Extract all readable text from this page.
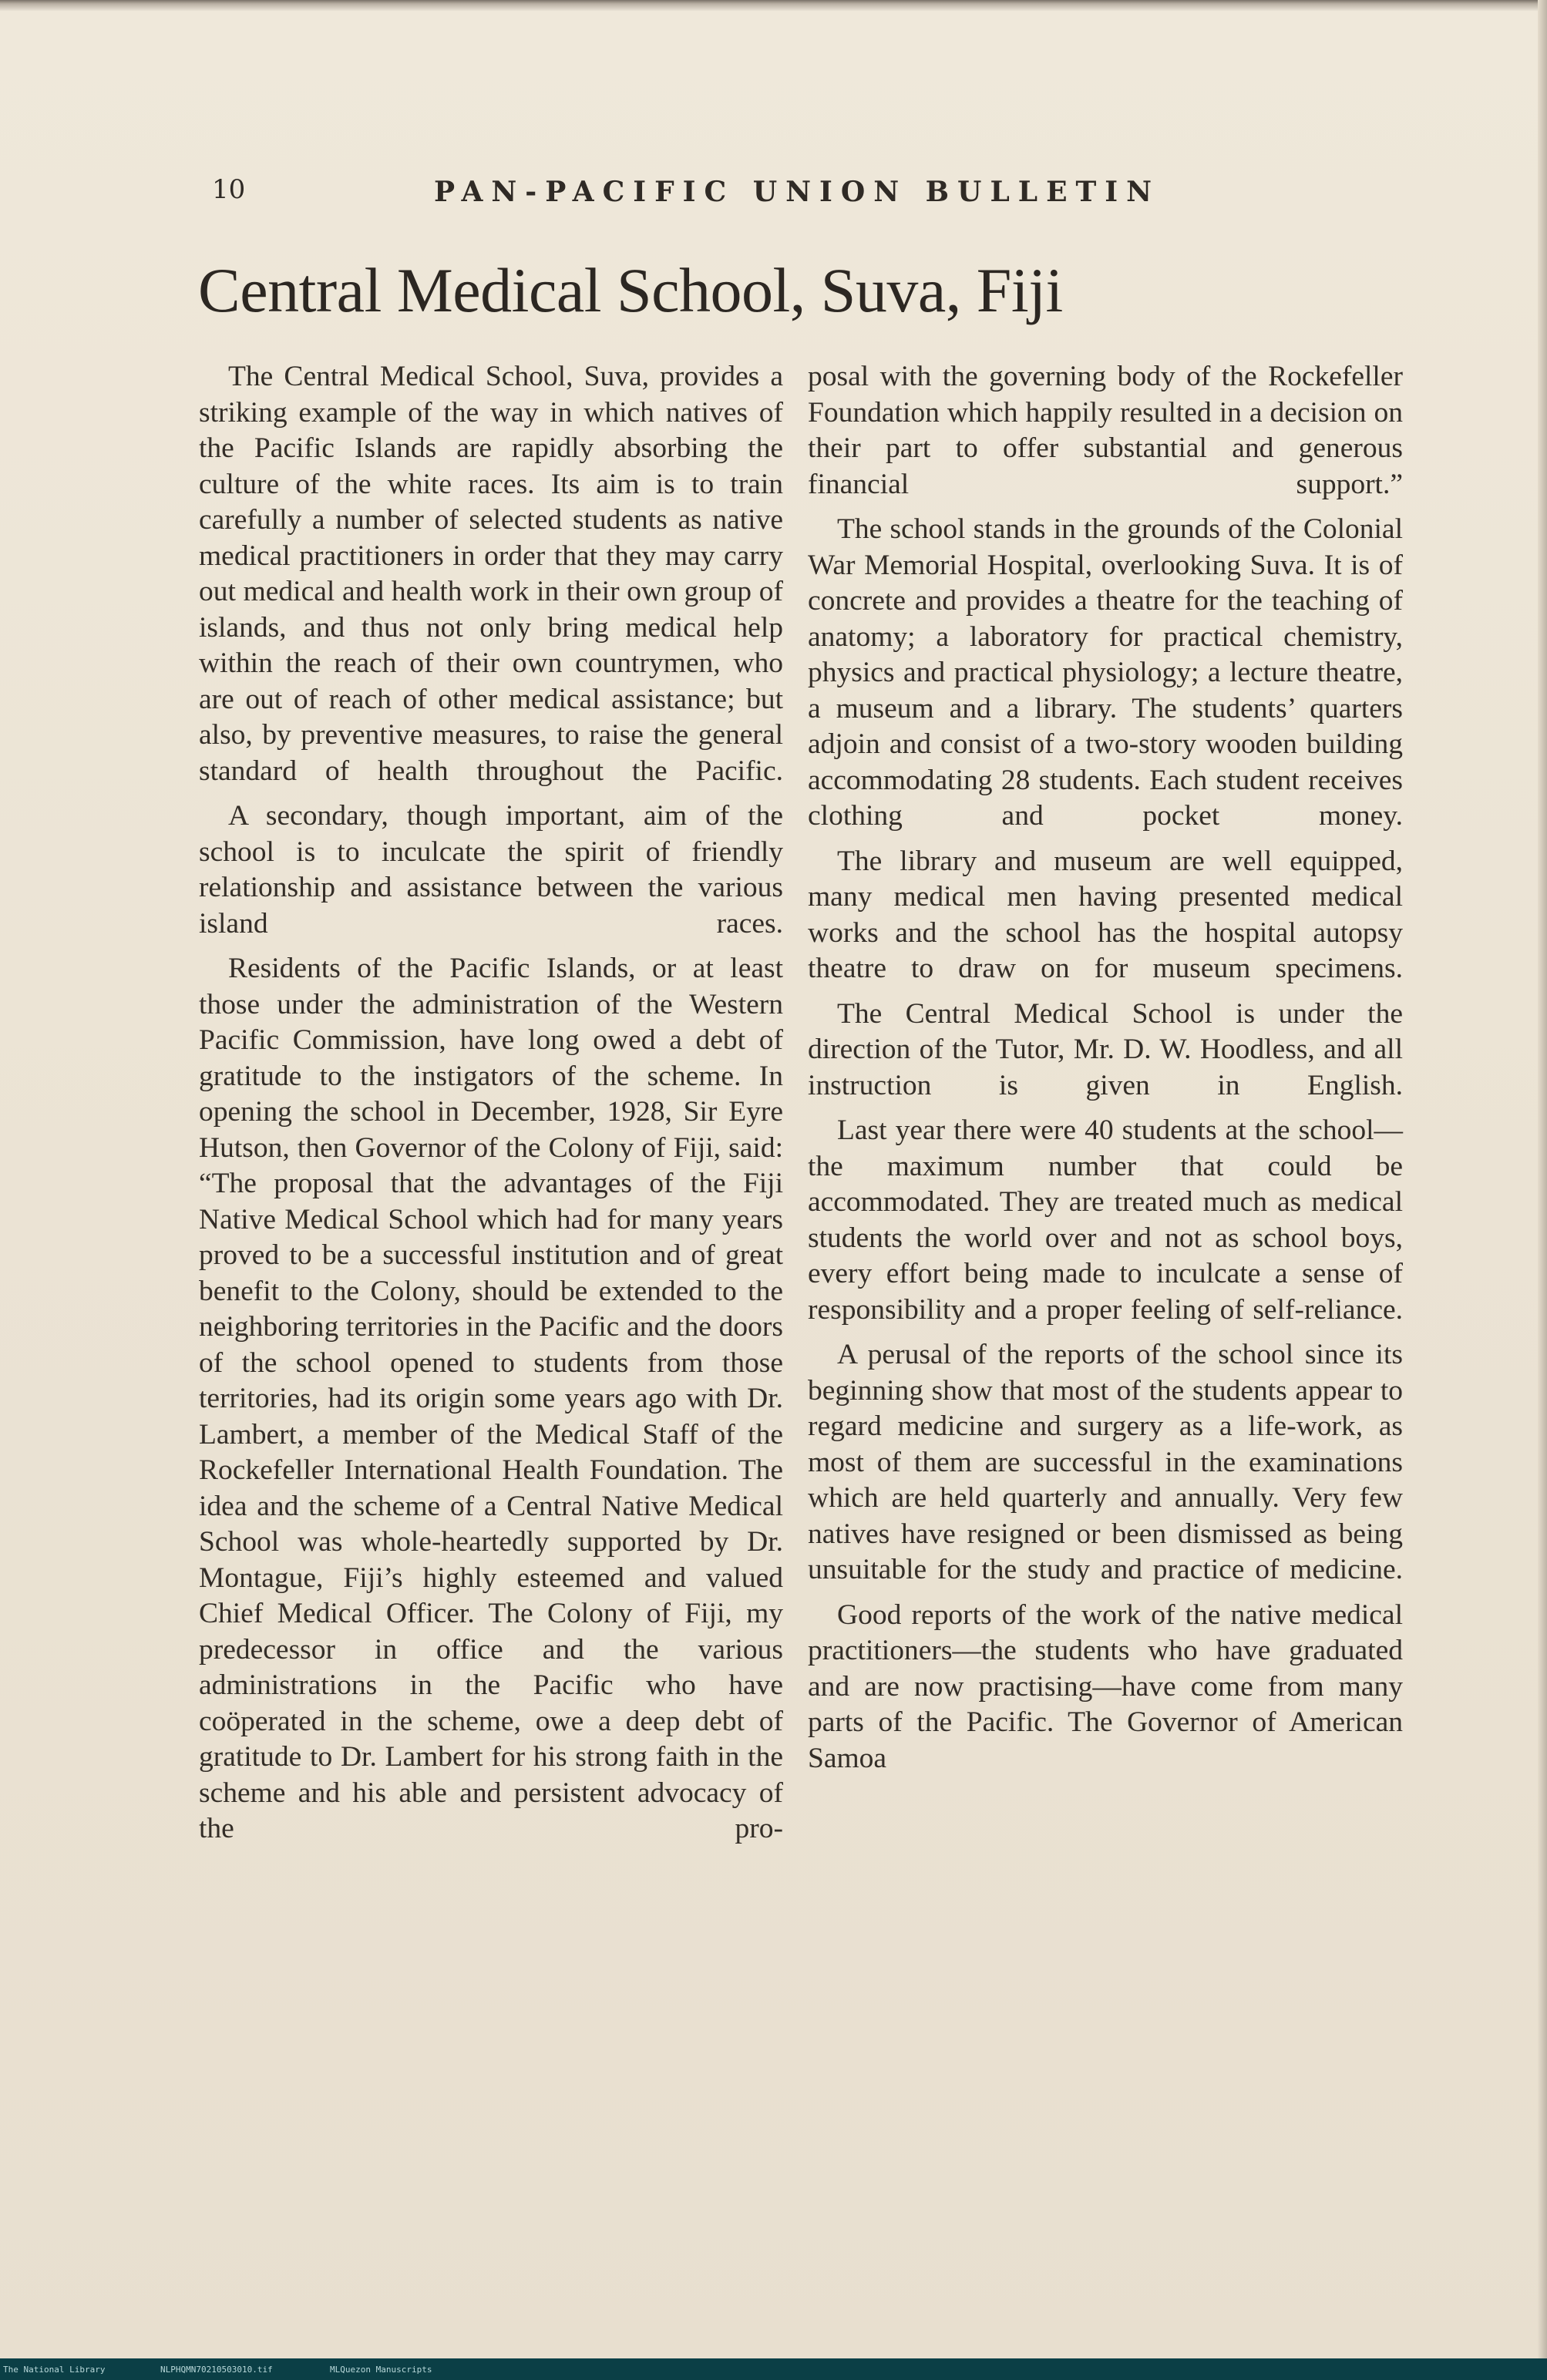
10	PAN-PACIFIC UNION BULLETIN
Central Medical School, Suva, Fiji

The Central Medical School, Suva, provides a striking example of the way in which natives of the Pacific Islands are rapidly absorbing the culture of the white races. Its aim is to train carefully a number of selected students as native medical practitioners in order that they may carry out medical and health work in their own group of islands, and thus not only bring medical help within the reach of their own countrymen, who are out of reach of other medical assistance; but also, by preventive measures, to raise the general standard of health throughout the Pacific.

A secondary, though important, aim of the school is to inculcate the spirit of friendly relationship and assistance between the various island races.

Residents of the Pacific Islands, or at least those under the administration of the Western Pacific Commission, have long owed a debt of gratitude to the instigators of the scheme. In opening the school in December, 1928, Sir Eyre Hutson, then Governor of the Colony of Fiji, said: “The proposal that the advantages of the Fiji Native Medical School which had for many years proved to be a successful institution and of great benefit to the Colony, should be extended to the neighboring territories in the Pacific and the doors of the school opened to students from those territories, had its origin some years ago with Dr. Lambert, a member of the Medical Staff of the Rockefeller International Health Foundation. The idea and the scheme of a Central Native Medical School was whole-heartedly supported by Dr. Montague, Fiji’s highly esteemed and valued Chief Medical Officer. The Colony of Fiji, my predecessor in office and the various administrations in the Pacific who have coöperated in the scheme, owe a deep debt of gratitude to Dr. Lambert for his strong faith in the scheme and his able and persistent advocacy of the pro-

posal with the governing body of the Rockefeller Foundation which happily resulted in a decision on their part to offer substantial and generous financial support.”

The school stands in the grounds of the Colonial War Memorial Hospital, overlooking Suva. It is of concrete and provides a theatre for the teaching of anatomy; a laboratory for practical chemistry, physics and practical physiology; a lecture theatre, a museum and a library. The students’ quarters adjoin and consist of a two-story wooden building accommodating 28 students. Each student receives clothing and pocket money.

The library and museum are well equipped, many medical men having presented medical works and the school has the hospital autopsy theatre to draw on for museum specimens.

The Central Medical School is under the direction of the Tutor, Mr. D. W. Hoodless, and all instruction is given in English.

Last year there were 40 students at the school—the maximum number that could be accommodated. They are treated much as medical students the world over and not as school boys, every effort being made to inculcate a sense of responsibility and a proper feeling of self-reliance.

A perusal of the reports of the school since its beginning show that most of the students appear to regard medicine and surgery as a life-work, as most of them are successful in the examinations which are held quarterly and annually. Very few natives have resigned or been dismissed as being unsuitable for the study and practice of medicine.

Good reports of the work of the native medical practitioners—the students who have graduated and are now practising—have come from many parts of the Pacific. The Governor of American Samoa

The National Library	NLPHQMN70210503010.tif	MLQuezon Manuscripts
